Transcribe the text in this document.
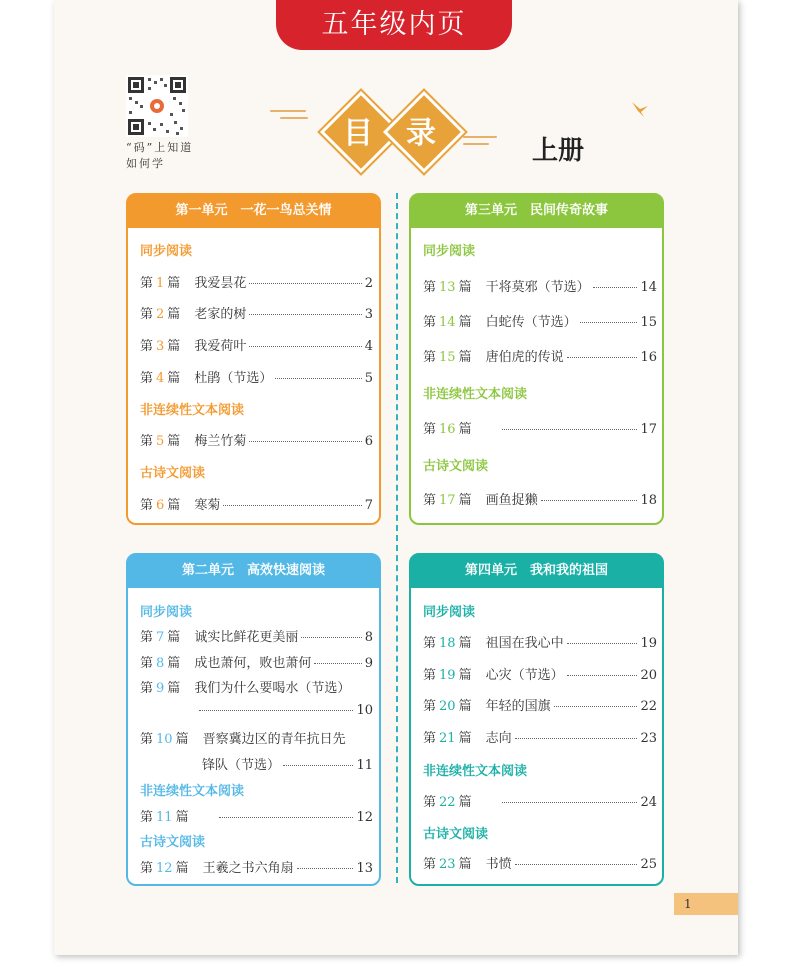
五年级内页
“码”上知道如何学
目	录	上册
第一单元　一花一鸟总关情
第二单元　高效快速阅读
第三单元　民间传奇故事
第四单元　我和我的祖国
同步阅读
第 1 篇 我爱昙花	2
第 2 篇 老家的树	3
第 3 篇 我爱荷叶	4
第 4 篇 杜鹃（节选）	5
非连续性文本阅读
第 5 篇 梅兰竹菊	6
古诗文阅读
第 6 篇 寒菊	7
同步阅读
第 7 篇 诚实比鲜花更美丽	8
第 8 篇 成也萧何，败也萧何	9
第 9 篇 我们为什么要喝水（节选）
10
第 10 篇 晋察冀边区的青年抗日先
锋队（节选）	11
非连续性文本阅读
第 11 篇	12
古诗文阅读
第 12 篇 王羲之书六角扇	13
同步阅读
第 13 篇 干将莫邪（节选）	14
第 14 篇 白蛇传（节选）	15
第 15 篇 唐伯虎的传说	16
非连续性文本阅读
第 16 篇	17
古诗文阅读
第 17 篇 画鱼捉獭	18
同步阅读
第 18 篇 祖国在我心中	19
第 19 篇 心灾（节选）	20
第 20 篇 年轻的国旗	22
第 21 篇 志向	23
非连续性文本阅读
第 22 篇	24
古诗文阅读
第 23 篇 书愤	25
1
